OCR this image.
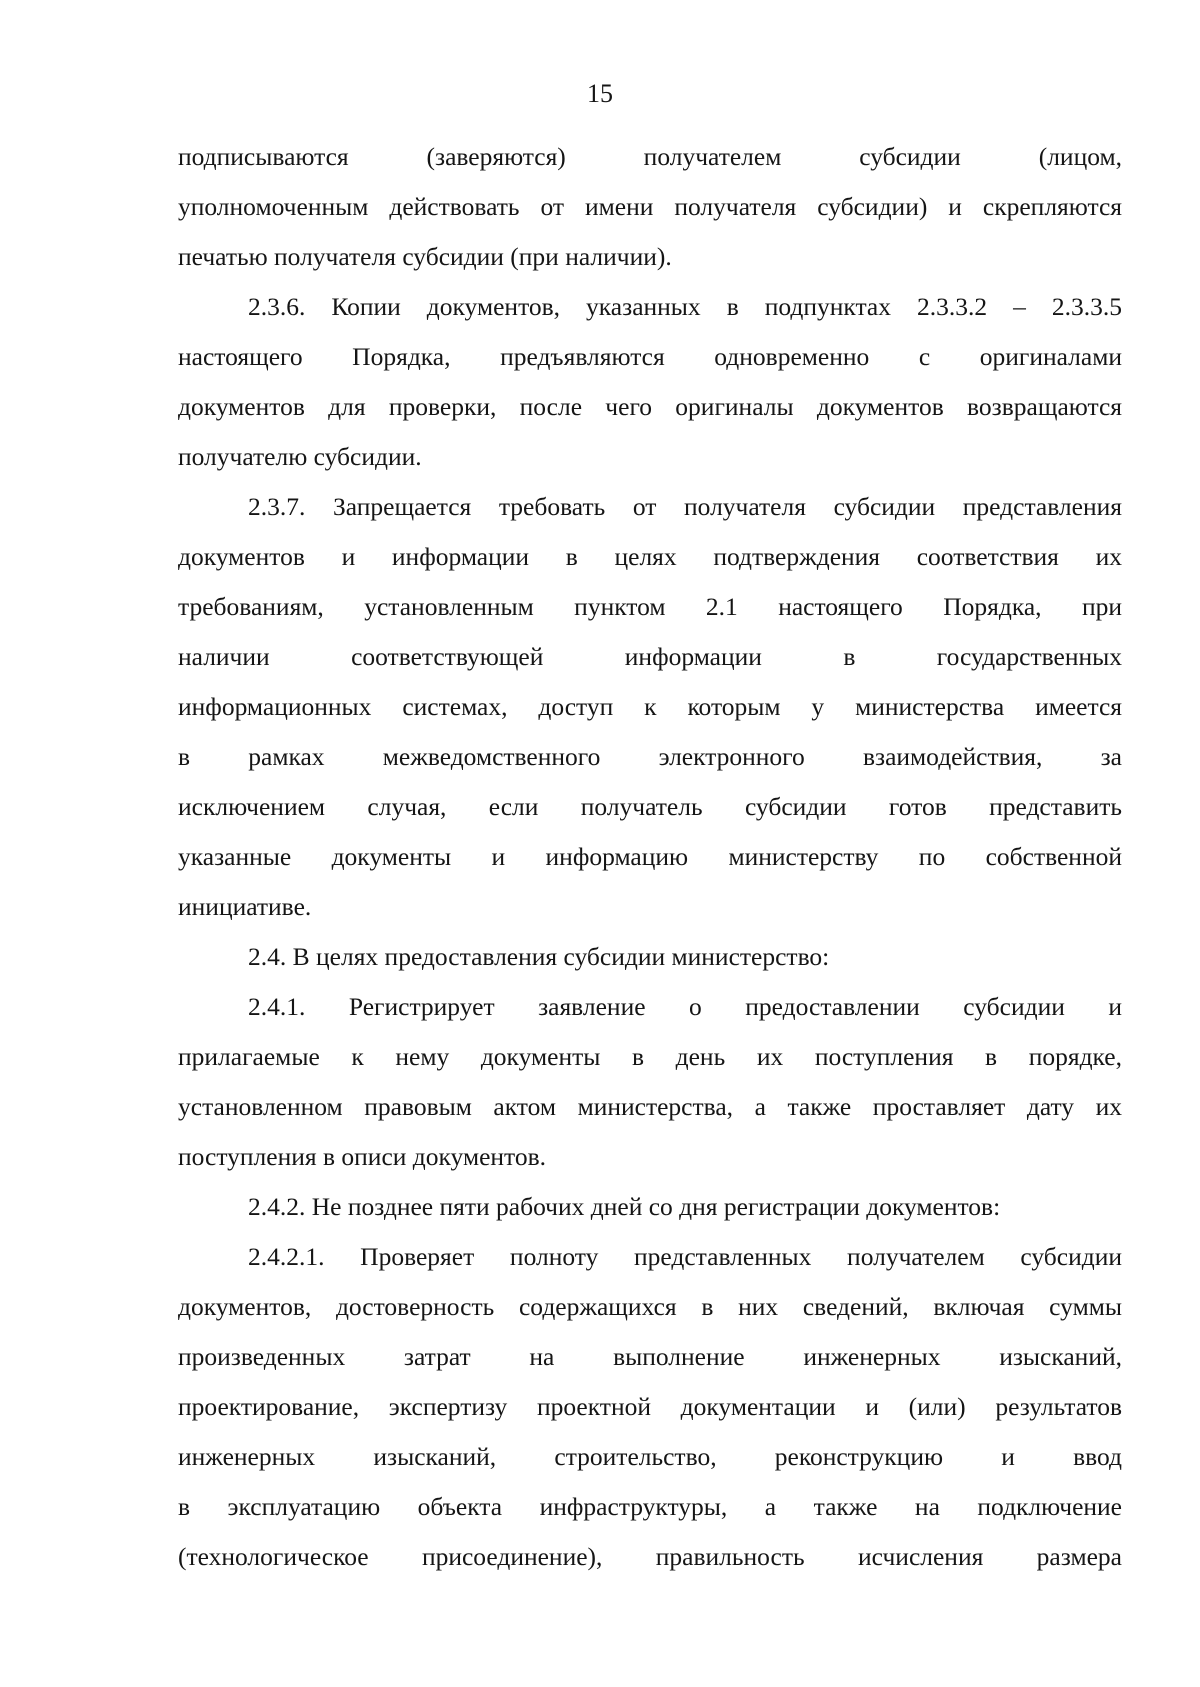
15
подписываются (заверяются) получателем субсидии (лицом,
уполномоченным действовать от имени получателя субсидии) и скрепляются
печатью получателя субсидии (при наличии).
2.3.6. Копии документов, указанных в подпунктах 2.3.3.2 – 2.3.3.5
настоящего Порядка, предъявляются одновременно с оригиналами
документов для проверки, после чего оригиналы документов возвращаются
получателю субсидии.
2.3.7. Запрещается требовать от получателя субсидии представления
документов и информации в целях подтверждения соответствия их
требованиям, установленным пунктом 2.1 настоящего Порядка, при
наличии соответствующей информации в государственных
информационных системах, доступ к которым у министерства имеется
в рамках межведомственного электронного взаимодействия, за
исключением случая, если получатель субсидии готов представить
указанные документы и информацию министерству по собственной
инициативе.
2.4. В целях предоставления субсидии министерство:
2.4.1. Регистрирует заявление о предоставлении субсидии и
прилагаемые к нему документы в день их поступления в порядке,
установленном правовым актом министерства, а также проставляет дату их
поступления в описи документов.
2.4.2. Не позднее пяти рабочих дней со дня регистрации документов:
2.4.2.1. Проверяет полноту представленных получателем субсидии
документов, достоверность содержащихся в них сведений, включая суммы
произведенных затрат на выполнение инженерных изысканий,
проектирование, экспертизу проектной документации и (или) результатов
инженерных изысканий, строительство, реконструкцию и ввод
в эксплуатацию объекта инфраструктуры, а также на подключение
(технологическое присоединение), правильность исчисления размера
